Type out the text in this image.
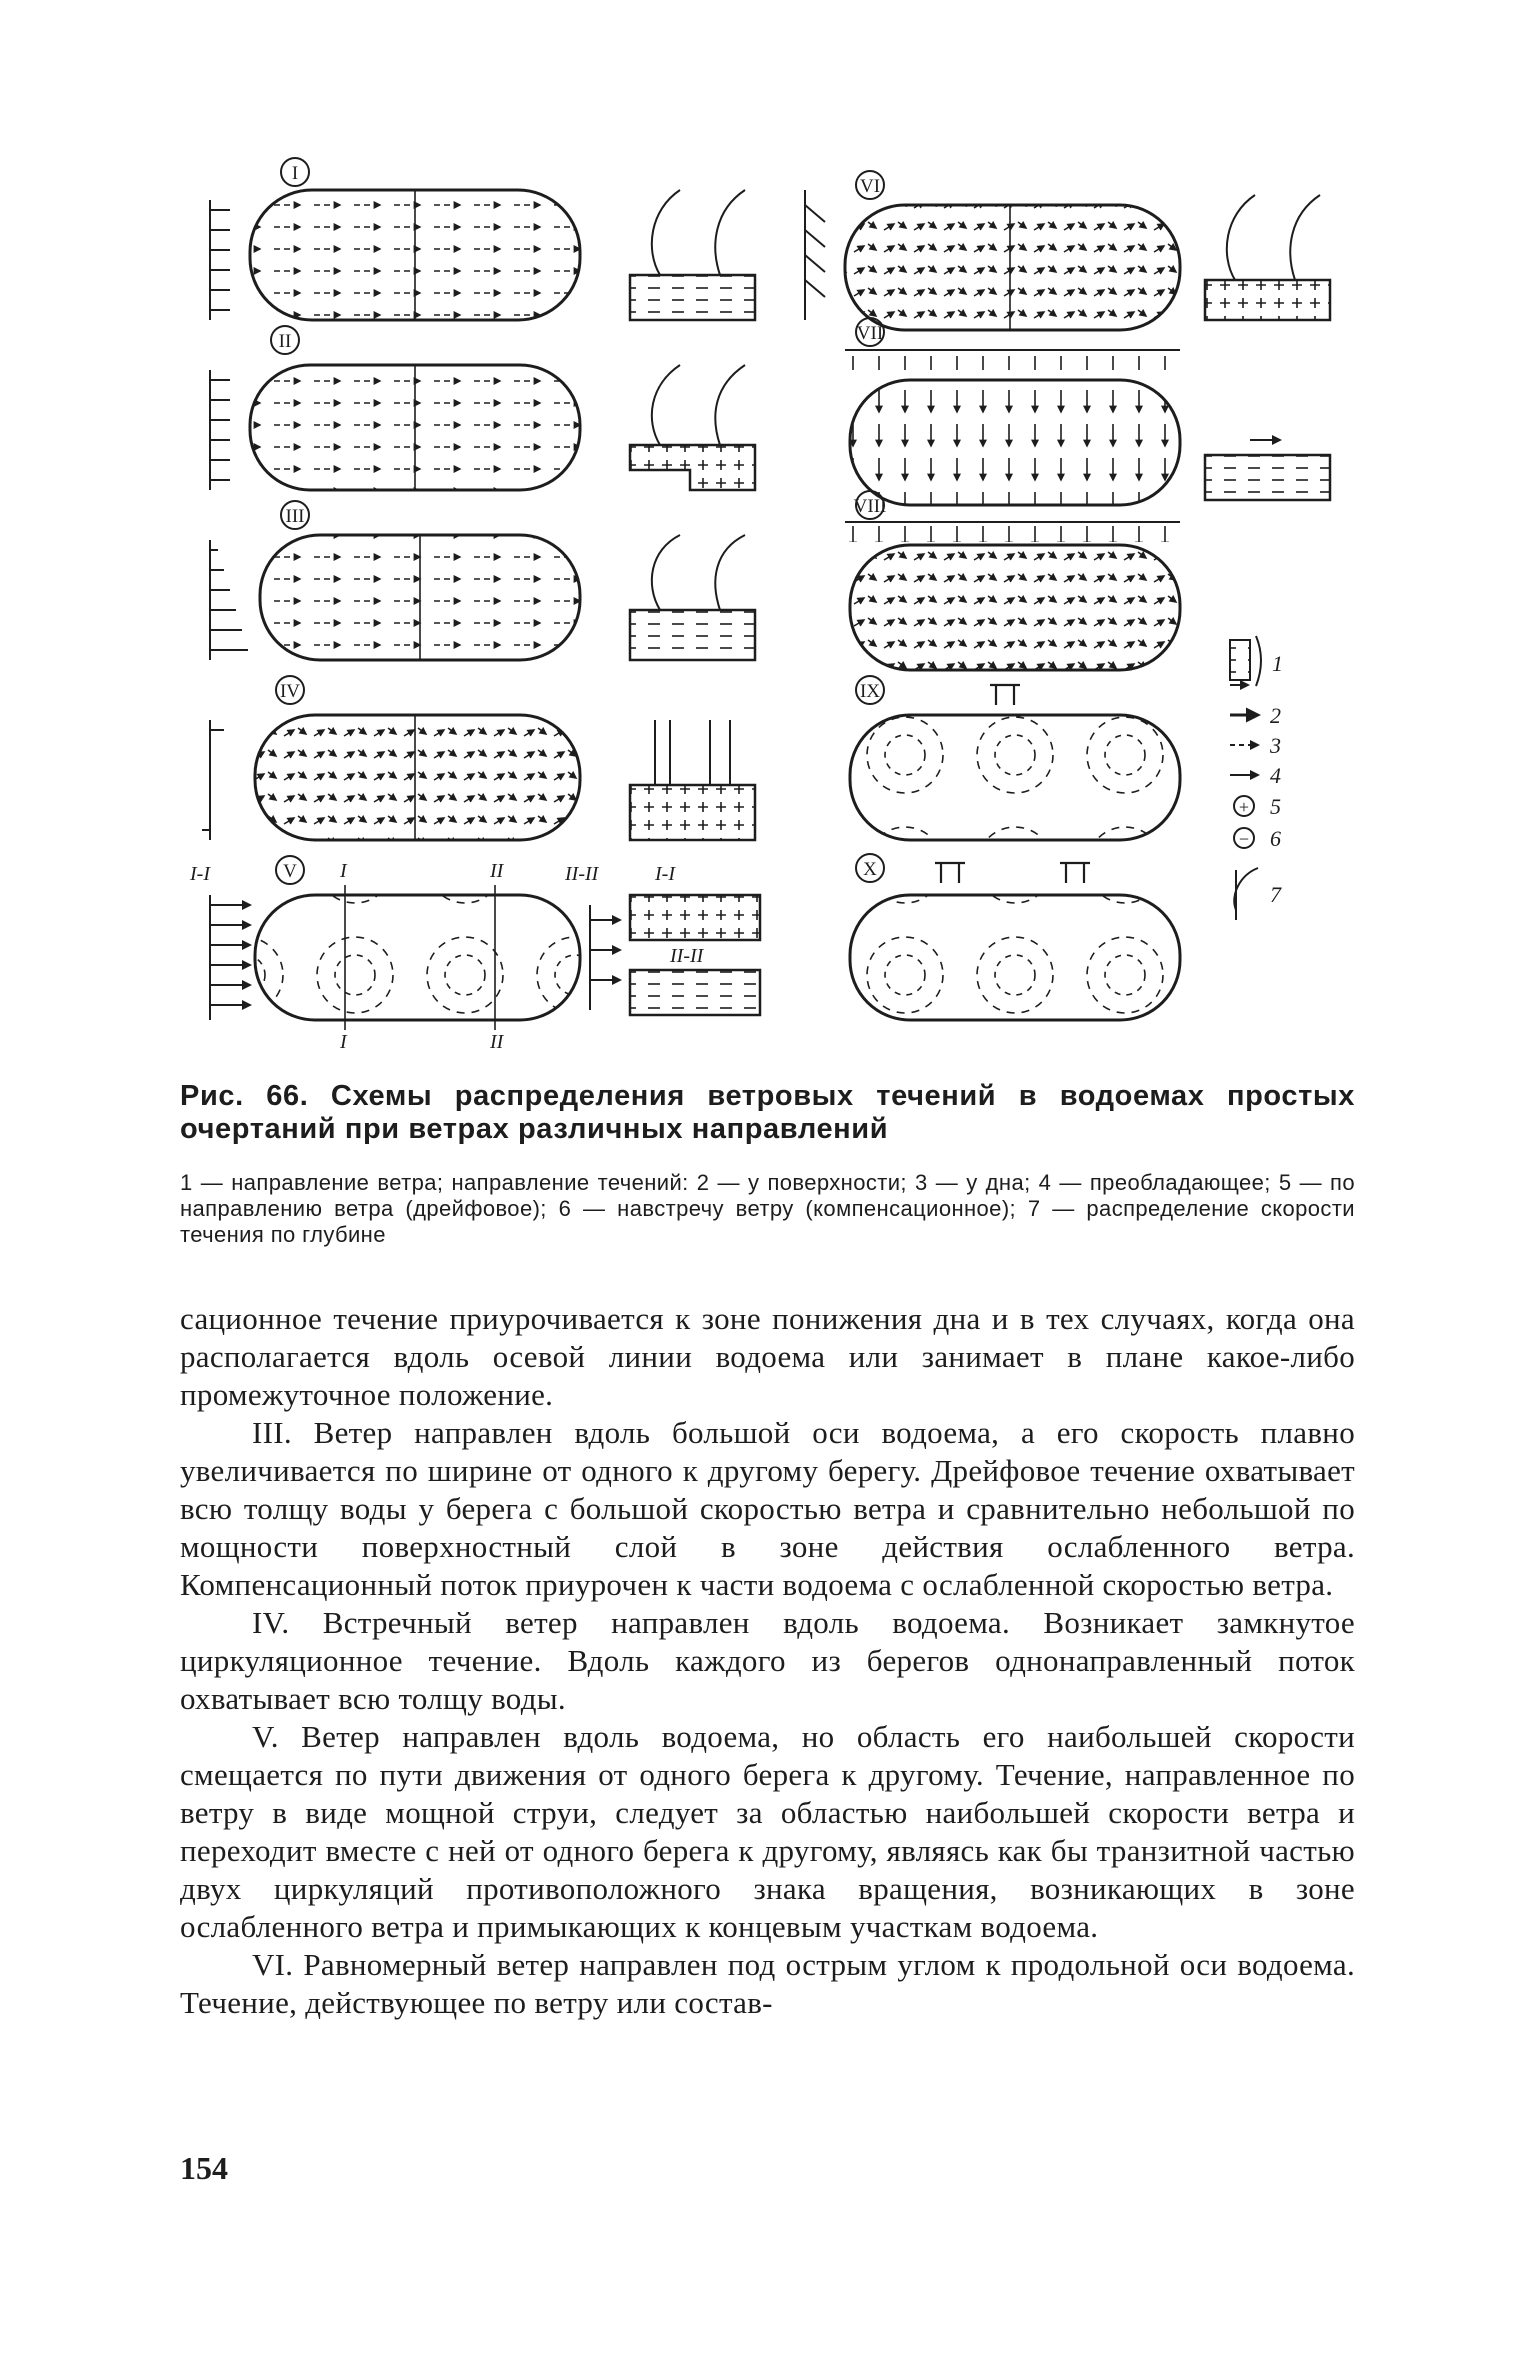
I
II
III
IV
I-I	V I	II	II-II
I	II
I-I
II-II
VI
VII
VIII
IX
X
1
2
3
4
+ 5
− 6
7
Рис. 66. Схемы распределения ветровых течений в водоемах простых очертаний при ветрах различных направлений
1 — направление ветра; направление течений: 2 — у поверхности; 3 — у дна; 4 — преобладающее; 5 — по направлению ветра (дрейфовое); 6 — навстречу ветру (компенсационное); 7 — распределение скорости течения по глубине

сационное течение приурочивается к зоне понижения дна и в тех случаях, когда она располагается вдоль осевой линии водоема или занимает в плане какое-либо промежуточное положение.

III. Ветер направлен вдоль большой оси водоема, а его скорость плавно увеличивается по ширине от одного к другому берегу. Дрейфовое течение охватывает всю толщу воды у берега с большой скоростью ветра и сравнительно небольшой по мощности поверхностный слой в зоне действия ослабленного ветра. Компенсационный поток приурочен к части водоема с ослабленной скоростью ветра.

IV. Встречный ветер направлен вдоль водоема. Возникает замкнутое циркуляционное течение. Вдоль каждого из берегов однонаправленный поток охватывает всю толщу воды.

V. Ветер направлен вдоль водоема, но область его наибольшей скорости смещается по пути движения от одного берега к другому. Течение, направленное по ветру в виде мощной струи, следует за областью наибольшей скорости ветра и переходит вместе с ней от одного берега к другому, являясь как бы транзитной частью двух циркуляций противоположного знака вращения, возникающих в зоне ослабленного ветра и примыкающих к концевым участкам водоема.

VI. Равномерный ветер направлен под острым углом к продольной оси водоема. Течение, действующее по ветру или состав-

154
